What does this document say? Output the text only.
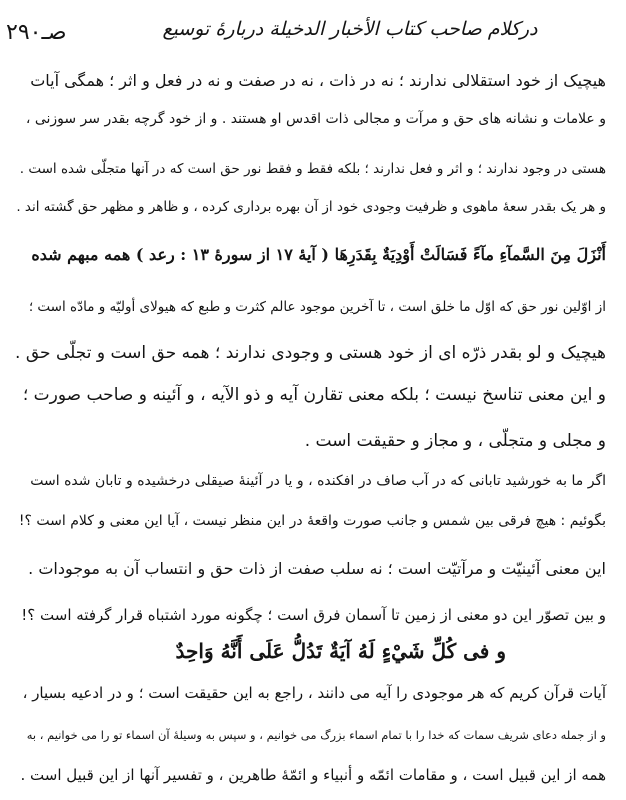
صـ۲۹۰	درکلام صاحب کتاب الأخبار الدخیلة دربارهٔ توسیع
هیچیک از خود استقلالی ندارند ؛ نه در ذات ، نه در صفت و نه در فعل و اثر ؛ همگی آیات
و علامات و نشانه های حق و مرآت و مجالی ذات اقدس او هستند . و از خود گرچه بقدر سر سوزنی ،
هستی در وجود ندارند ؛ و اثر و فعل ندارند ؛ بلکه فقط و فقط نور حق است که در آنها متجلّی شده است .
و هر یک بقدر سعهٔ ماهوی و ظرفیت وجودی خود از آن بهره برداری کرده ، و ظاهر و مظهر حق گشته اند .
أَنْزَلَ مِنَ السَّمآءِ مآءً فَسَالَتْ أَوْدِيَةٌ بِقَدَرِهَا ( آیهٔ ١٧ از سورهٔ ١٣ : رعد ) همه مبهم شده
از اوّلین نور حق که اوّل ما خلق است ، تا آخرین موجود عالم کثرت و طبع که هیولای أولیّه و مادّه است ؛
هیچیک و لو بقدر ذرّه ای از خود هستی و وجودی ندارند ؛ همه حق است و تجلّی حق .
و این معنی تناسخ نیست ؛ بلکه معنی تقارن آیه و ذو الآیه ، و آئینه و صاحب صورت ؛
و مجلی و متجلّی ، و مجاز و حقیقت است .
اگر ما به خورشید تابانی که در آب صاف در افکنده ، و یا در آئینهٔ صیقلی درخشیده و تابان شده است
بگوئیم : هیچ فرقی بین شمس و جانب صورت واقعهٔ در این منظر نیست ، آیا این معنی و کلام است ؟!
این معنی آئینیّت و مرآتیّت است ؛ نه سلب صفت از ذات حق و انتساب آن به موجودات .
و بین تصوّر این دو معنی از زمین تا آسمان فرق است ؛ چگونه مورد اشتباه قرار گرفته است ؟!
و فى كُلِّ شَيْءٍ لَهُ آيَةٌ تَدُلُّ عَلَى أَنَّهُ وَاحِدٌ
آیات قرآن کریم که هر موجودی را آیه می دانند ، راجع به این حقیقت است ؛ و در ادعیه بسیار ،
و از جمله دعای شریف سمات که خدا را با تمام اسماء بزرگ می خوانیم ، و سپس به وسیلهٔ آن اسماء تو را می خوانیم ، به
همه از این قبیل است ، و مقامات ائمّه و أنبیاء و ائمّهٔ طاهرین ، و تفسیر آنها از این قبیل است .
